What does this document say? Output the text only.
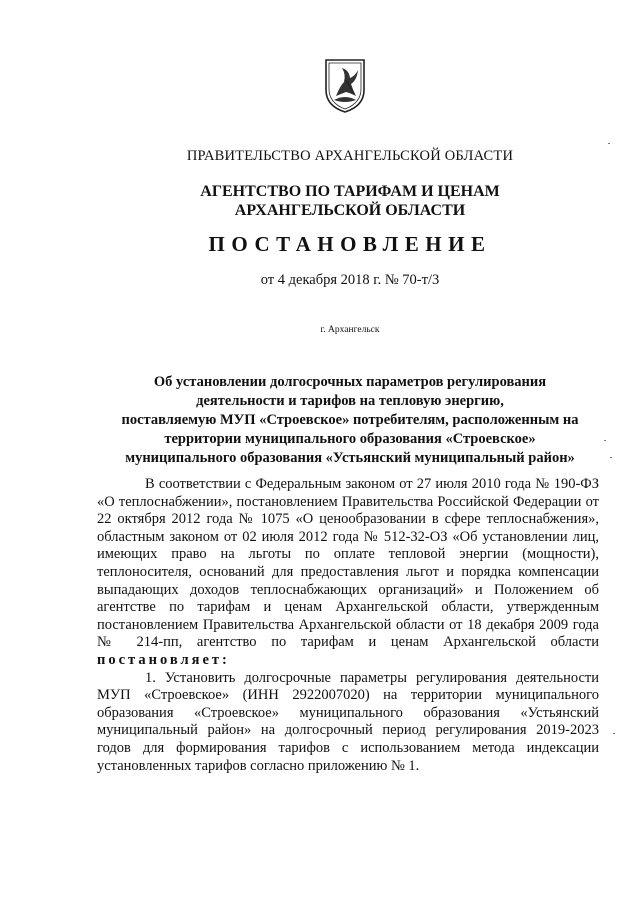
ПРАВИТЕЛЬСТВО АРХАНГЕЛЬСКОЙ ОБЛАСТИ
АГЕНТСТВО ПО ТАРИФАМ И ЦЕНАМ
АРХАНГЕЛЬСКОЙ ОБЛАСТИ
ПОСТАНОВЛЕНИЕ
от 4 декабря 2018 г. № 70-т/3
г. Архангельск
Об установлении долгосрочных параметров регулирования
деятельности и тарифов на тепловую энергию,
поставляемую МУП «Строевское» потребителям, расположенным на
территории муниципального образования «Строевское»
муниципального образования «Устьянский муниципальный район»

В соответствии с Федеральным законом от 27 июля 2010 года № 190-ФЗ «О теплоснабжении», постановлением Правительства Российской Федерации от 22 октября 2012 года № 1075 «О ценообразовании в сфере теплоснабжения», областным законом от 02 июля 2012 года № 512-32-ОЗ «Об установлении лиц, имеющих право на льготы по оплате тепловой энергии (мощности), теплоносителя, оснований для предоставления льгот и порядка компенсации выпадающих доходов теплоснабжающих организаций» и Положением об агентстве по тарифам и ценам Архангельской области, утвержденным постановлением Правительства Архангельской области от 18 декабря 2009 года № 214-пп, агентство по тарифам и ценам Архангельской области постановляет:

1. Установить долгосрочные параметры регулирования деятельности МУП «Строевское» (ИНН 2922007020) на территории муниципального образования «Строевское» муниципального образования «Устьянский муниципальный район» на долгосрочный период регулирования 2019-2023 годов для формирования тарифов с использованием метода индексации установленных тарифов согласно приложению № 1.
